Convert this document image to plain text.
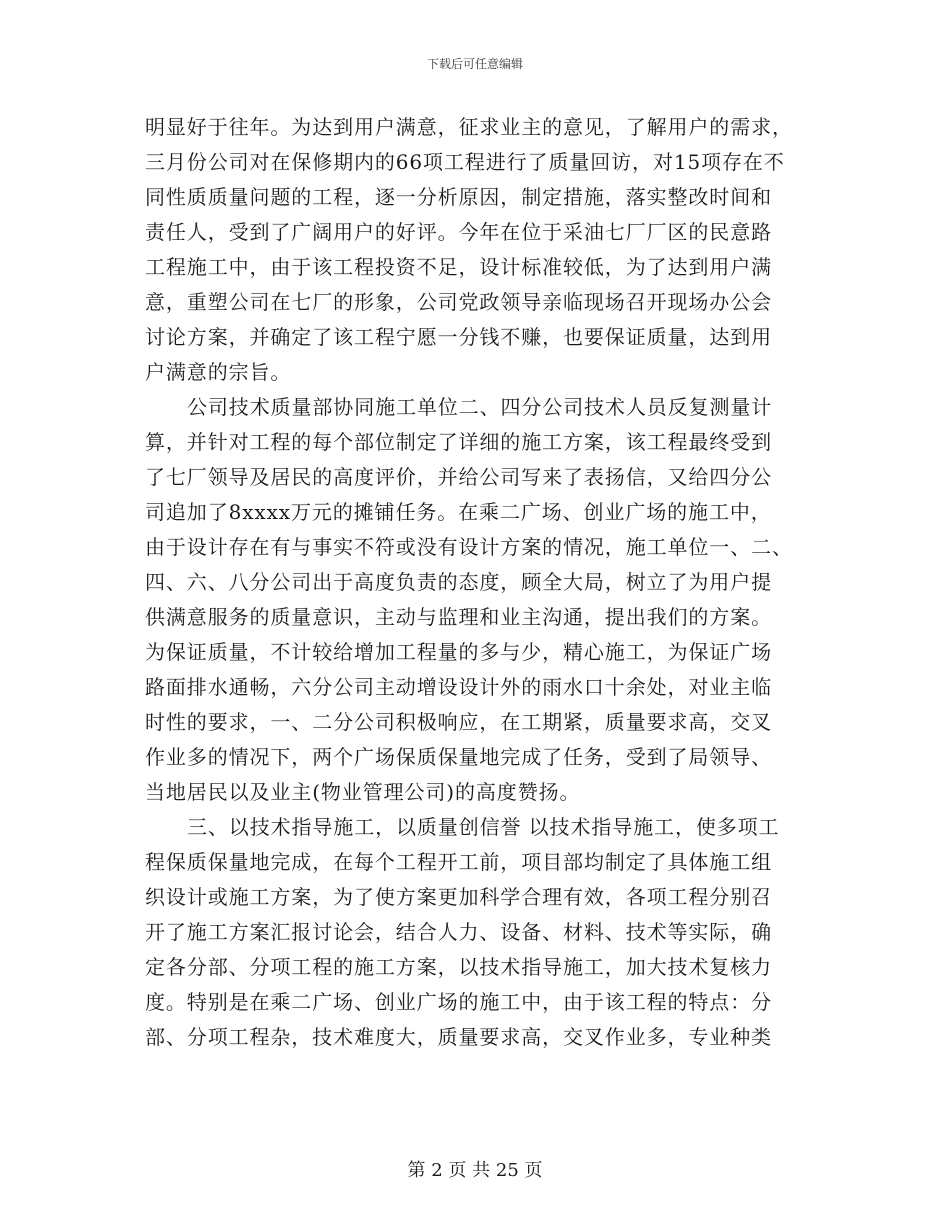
下载后可任意编辑
明显好于往年。为达到用户满意，征求业主的意见，了解用户的需求，
三月份公司对在保修期内的66项工程进行了质量回访，对15项存在不
同性质质量问题的工程，逐一分析原因，制定措施，落实整改时间和
责任人，受到了广阔用户的好评。今年在位于采油七厂厂区的民意路
工程施工中，由于该工程投资不足，设计标准较低，为了达到用户满
意，重塑公司在七厂的形象，公司党政领导亲临现场召开现场办公会
讨论方案，并确定了该工程宁愿一分钱不赚，也要保证质量，达到用
户满意的宗旨。
公司技术质量部协同施工单位二、四分公司技术人员反复测量计
算，并针对工程的每个部位制定了详细的施工方案，该工程最终受到
了七厂领导及居民的高度评价，并给公司写来了表扬信，又给四分公
司追加了8xxxx万元的摊铺任务。在乘二广场、创业广场的施工中，
由于设计存在有与事实不符或没有设计方案的情况，施工单位一、二、
四、六、八分公司出于高度负责的态度，顾全大局，树立了为用户提
供满意服务的质量意识，主动与监理和业主沟通，提出我们的方案。
为保证质量，不计较给增加工程量的多与少，精心施工，为保证广场
路面排水通畅，六分公司主动增设设计外的雨水口十余处，对业主临
时性的要求，一、二分公司积极响应，在工期紧，质量要求高，交叉
作业多的情况下，两个广场保质保量地完成了任务，受到了局领导、
当地居民以及业主(物业管理公司)的高度赞扬。
三、以技术指导施工，以质量创信誉 以技术指导施工，使多项工
程保质保量地完成，在每个工程开工前，项目部均制定了具体施工组
织设计或施工方案，为了使方案更加科学合理有效，各项工程分别召
开了施工方案汇报讨论会，结合人力、设备、材料、技术等实际，确
定各分部、分项工程的施工方案，以技术指导施工，加大技术复核力
度。特别是在乘二广场、创业广场的施工中，由于该工程的特点：分
部、分项工程杂，技术难度大，质量要求高，交叉作业多，专业种类
第 2 页 共 25 页
